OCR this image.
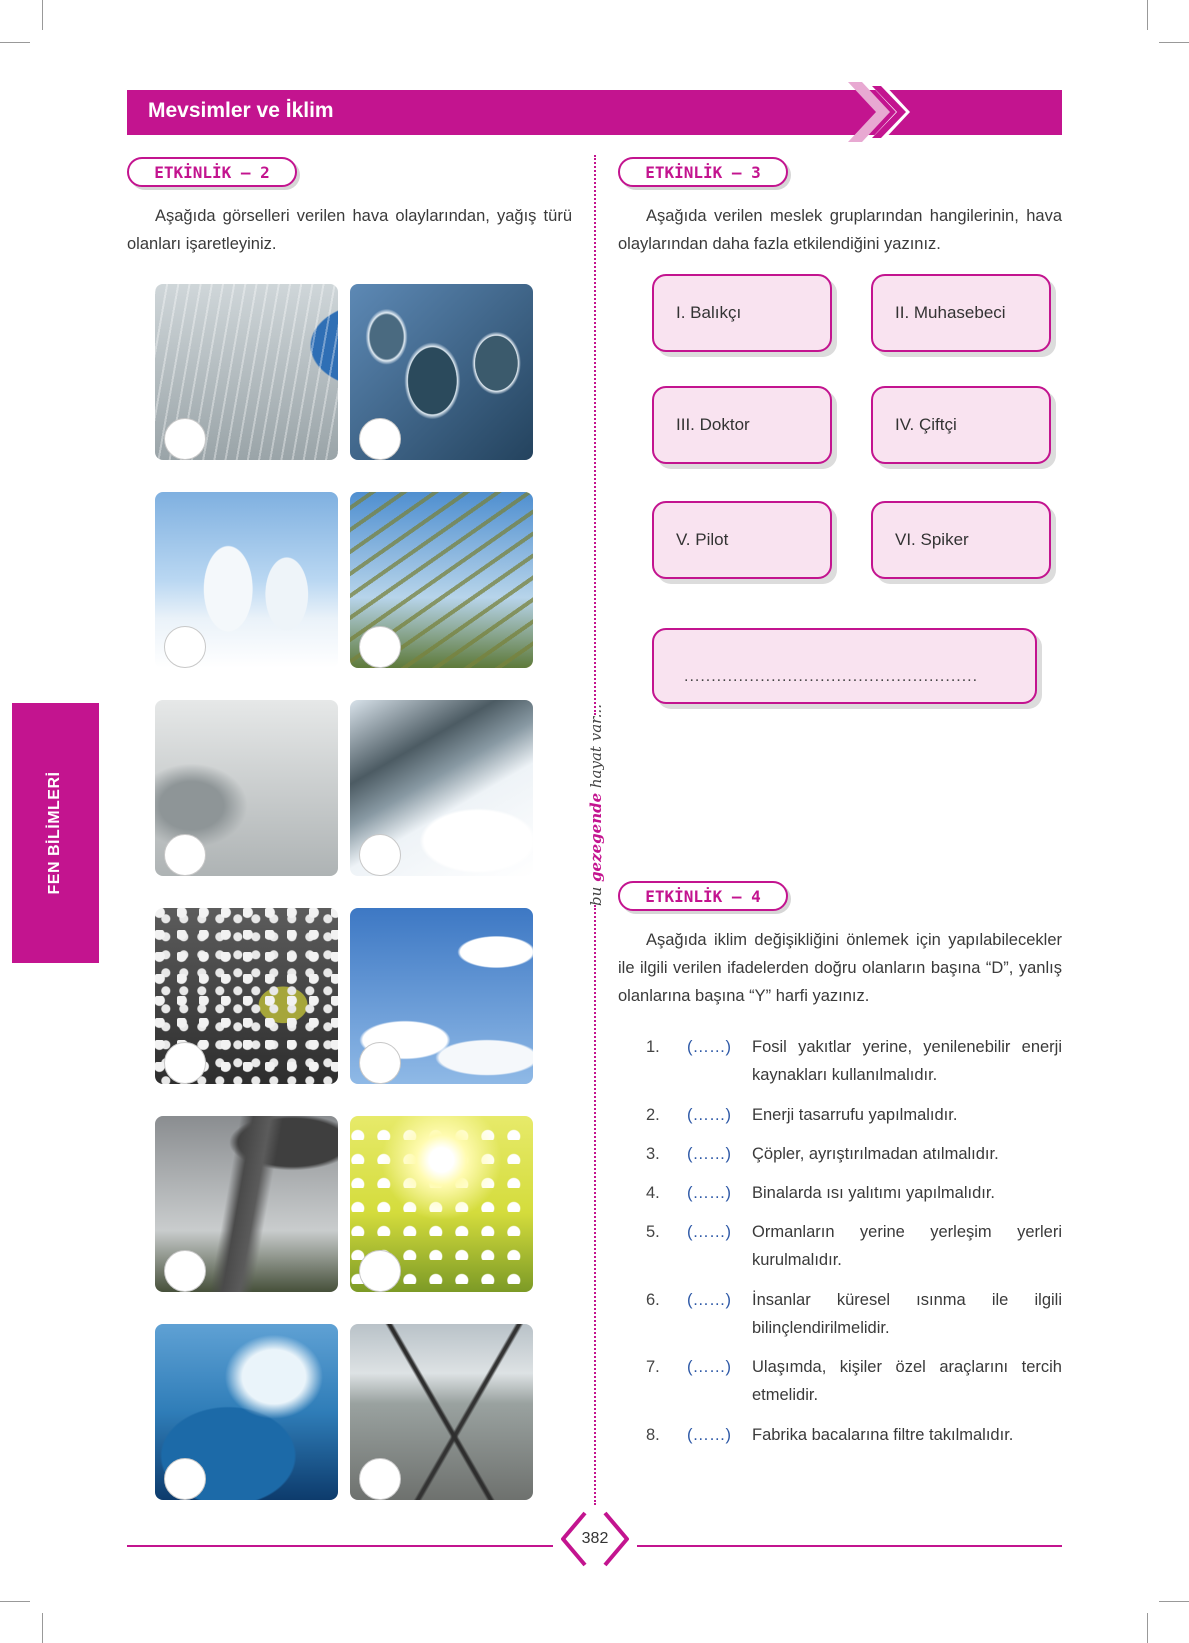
Mevsimler ve İklim
FEN BİLİMLERİ	bu gezegende hayat var...
ETKİNLİK – 2
Aşağıda görselleri verilen hava olaylarından, yağış türü olanları işaretleyiniz.
ETKİNLİK – 3
Aşağıda verilen meslek gruplarından hangilerinin, hava olaylarından daha fazla etkilendiğini yazınız.
I. Balıkçı	II. Muhasebeci
III. Doktor	IV. Çiftçi
V. Pilot	VI. Spiker
......................................................
ETKİNLİK – 4
Aşağıda iklim değişikliğini önlemek için yapılabilecekler ile ilgili verilen ifadelerden doğru olanların başına “D”, yanlış olanlarına başına “Y” harfi yazınız.
1. (……) Fosil yakıtlar yerine, yenilenebilir enerji kaynakları kullanılmalıdır.
2. (……) Enerji tasarrufu yapılmalıdır.
3. (……) Çöpler, ayrıştırılmadan atılmalıdır.
4. (……) Binalarda ısı yalıtımı yapılmalıdır.
5. (……) Ormanların yerine yerleşim yerleri kurulmalıdır.
6. (……) İnsanlar küresel ısınma ile ilgili bilinçlendirilmelidir.
7. (……) Ulaşımda, kişiler özel araçlarını tercih etmelidir.
8. (……) Fabrika bacalarına filtre takılmalıdır.
382
